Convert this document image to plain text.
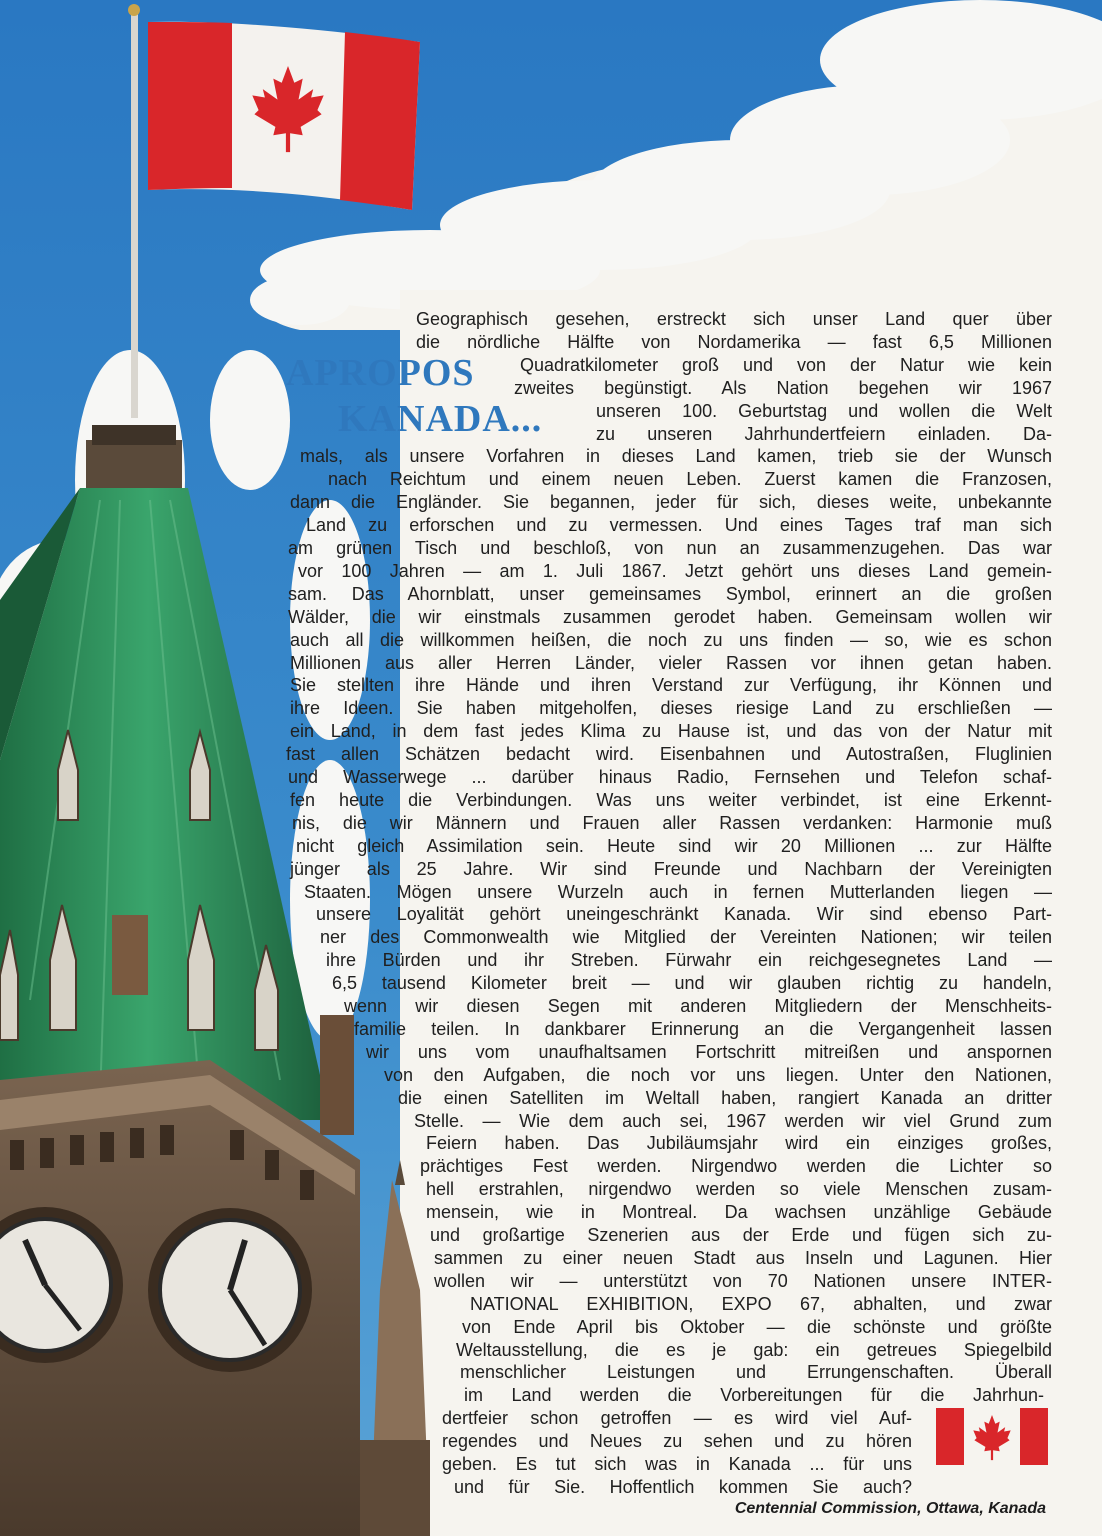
APROPOS
KANADA...
Geographisch gesehen, erstreckt sich unser Land quer über
die nördliche Hälfte von Nordamerika — fast 6,5 Millionen
Quadratkilometer groß und von der Natur wie kein
zweites begünstigt. Als Nation begehen wir 1967
unseren 100. Geburtstag und wollen die Welt
zu unseren Jahrhundertfeiern einladen. Da-
mals, als unsere Vorfahren in dieses Land kamen, trieb sie der Wunsch
nach Reichtum und einem neuen Leben. Zuerst kamen die Franzosen,
dann die Engländer. Sie begannen, jeder für sich, dieses weite, unbekannte
Land zu erforschen und zu vermessen. Und eines Tages traf man sich
am grünen Tisch und beschloß, von nun an zusammenzugehen. Das war
vor 100 Jahren — am 1. Juli 1867. Jetzt gehört uns dieses Land gemein-
sam. Das Ahornblatt, unser gemeinsames Symbol, erinnert an die großen
Wälder, die wir einstmals zusammen gerodet haben. Gemeinsam wollen wir
auch all die willkommen heißen, die noch zu uns finden — so, wie es schon
Millionen aus aller Herren Länder, vieler Rassen vor ihnen getan haben.
Sie stellten ihre Hände und ihren Verstand zur Verfügung, ihr Können und
ihre Ideen. Sie haben mitgeholfen, dieses riesige Land zu erschließen —
ein Land, in dem fast jedes Klima zu Hause ist, und das von der Natur mit
fast allen Schätzen bedacht wird. Eisenbahnen und Autostraßen, Fluglinien
und Wasserwege ... darüber hinaus Radio, Fernsehen und Telefon schaf-
fen heute die Verbindungen. Was uns weiter verbindet, ist eine Erkennt-
nis, die wir Männern und Frauen aller Rassen verdanken: Harmonie muß
nicht gleich Assimilation sein. Heute sind wir 20 Millionen ... zur Hälfte
jünger als 25 Jahre. Wir sind Freunde und Nachbarn der Vereinigten
Staaten. Mögen unsere Wurzeln auch in fernen Mutterlanden liegen —
unsere Loyalität gehört uneingeschränkt Kanada. Wir sind ebenso Part-
ner des Commonwealth wie Mitglied der Vereinten Nationen; wir teilen
ihre Bürden und ihr Streben. Fürwahr ein reichgesegnetes Land —
6,5 tausend Kilometer breit — und wir glauben richtig zu handeln,
wenn wir diesen Segen mit anderen Mitgliedern der Menschheits-
familie teilen. In dankbarer Erinnerung an die Vergangenheit lassen
wir uns vom unaufhaltsamen Fortschritt mitreißen und anspornen
von den Aufgaben, die noch vor uns liegen. Unter den Nationen,
die einen Satelliten im Weltall haben, rangiert Kanada an dritter
Stelle. — Wie dem auch sei, 1967 werden wir viel Grund zum
Feiern haben. Das Jubiläumsjahr wird ein einziges großes,
prächtiges Fest werden. Nirgendwo werden die Lichter so
hell erstrahlen, nirgendwo werden so viele Menschen zusam-
mensein, wie in Montreal. Da wachsen unzählige Gebäude
und großartige Szenerien aus der Erde und fügen sich zu-
sammen zu einer neuen Stadt aus Inseln und Lagunen. Hier
wollen wir — unterstützt von 70 Nationen unsere INTER-
NATIONAL EXHIBITION, EXPO 67, abhalten, und zwar
von Ende April bis Oktober — die schönste und größte
Weltausstellung, die es je gab: ein getreues Spiegelbild
menschlicher Leistungen und Errungenschaften. Überall
im Land werden die Vorbereitungen für die Jahrhun-
dertfeier schon getroffen — es wird viel Auf-
regendes und Neues zu sehen und zu hören
geben. Es tut sich was in Kanada ... für uns
und für Sie. Hoffentlich kommen Sie auch?
Centennial Commission, Ottawa, Kanada
